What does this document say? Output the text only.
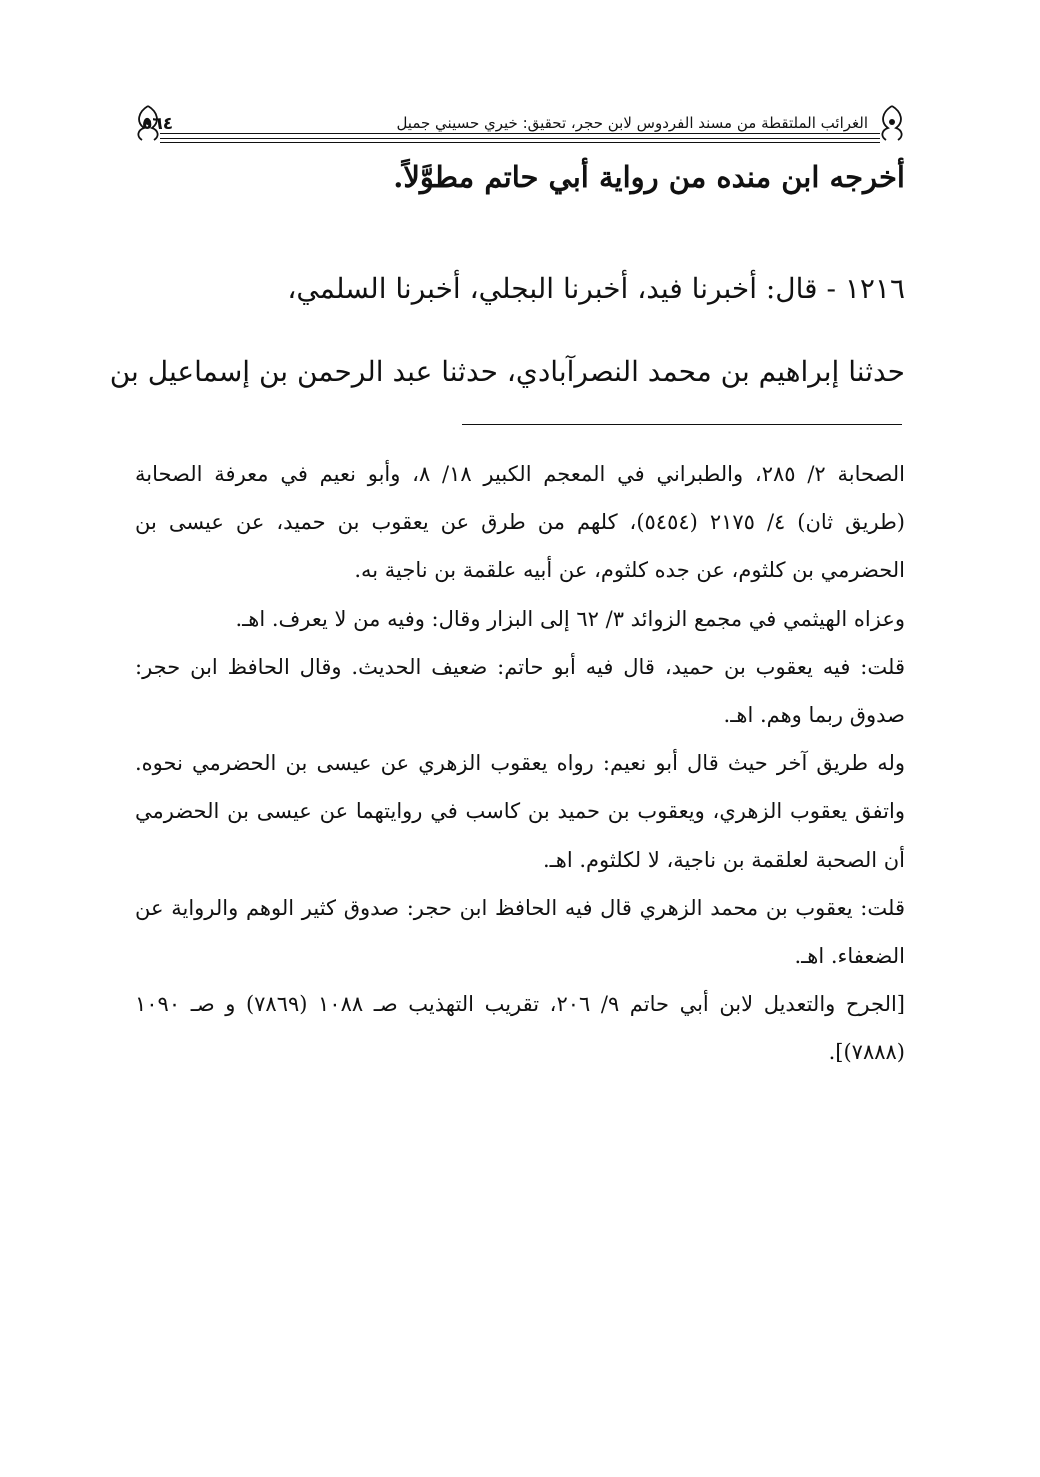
٥٦٤	الغرائب الملتقطة من مسند الفردوس لابن حجر، تحقيق: خيري حسيني جميل
أخرجه ابن منده من رواية أبي حاتم مطوَّلاً.
١٢١٦ - قال: أخبرنا فيد، أخبرنا البجلي، أخبرنا السلمي،
حدثنا إبراهيم بن محمد النصرآبادي، حدثنا عبد الرحمن بن إسماعيل بن

الصحابة ٢/ ٢٨٥، والطبراني في المعجم الكبير ١٨/ ٨، وأبو نعيم في معرفة الصحابة (طريق ثان) ٤/ ٢١٧٥ (٥٤٥٤)، كلهم من طرق عن يعقوب بن حميد، عن عيسى بن الحضرمي بن كلثوم، عن جده كلثوم، عن أبيه علقمة بن ناجية به.

وعزاه الهيثمي في مجمع الزوائد ٣/ ٦٢ إلى البزار وقال: وفيه من لا يعرف. اهـ.

قلت: فيه يعقوب بن حميد، قال فيه أبو حاتم: ضعيف الحديث. وقال الحافظ ابن حجر: صدوق ربما وهم. اهـ.

وله طريق آخر حيث قال أبو نعيم: رواه يعقوب الزهري عن عيسى بن الحضرمي نحوه. واتفق يعقوب الزهري، ويعقوب بن حميد بن كاسب في روايتهما عن عيسى بن الحضرمي أن الصحبة لعلقمة بن ناجية، لا لكلثوم. اهـ.

قلت: يعقوب بن محمد الزهري قال فيه الحافظ ابن حجر: صدوق كثير الوهم والرواية عن الضعفاء. اهـ.

[الجرح والتعديل لابن أبي حاتم ٩/ ٢٠٦، تقريب التهذيب صـ ١٠٨٨ (٧٨٦٩) و صـ ١٠٩٠ (٧٨٨٨)].
